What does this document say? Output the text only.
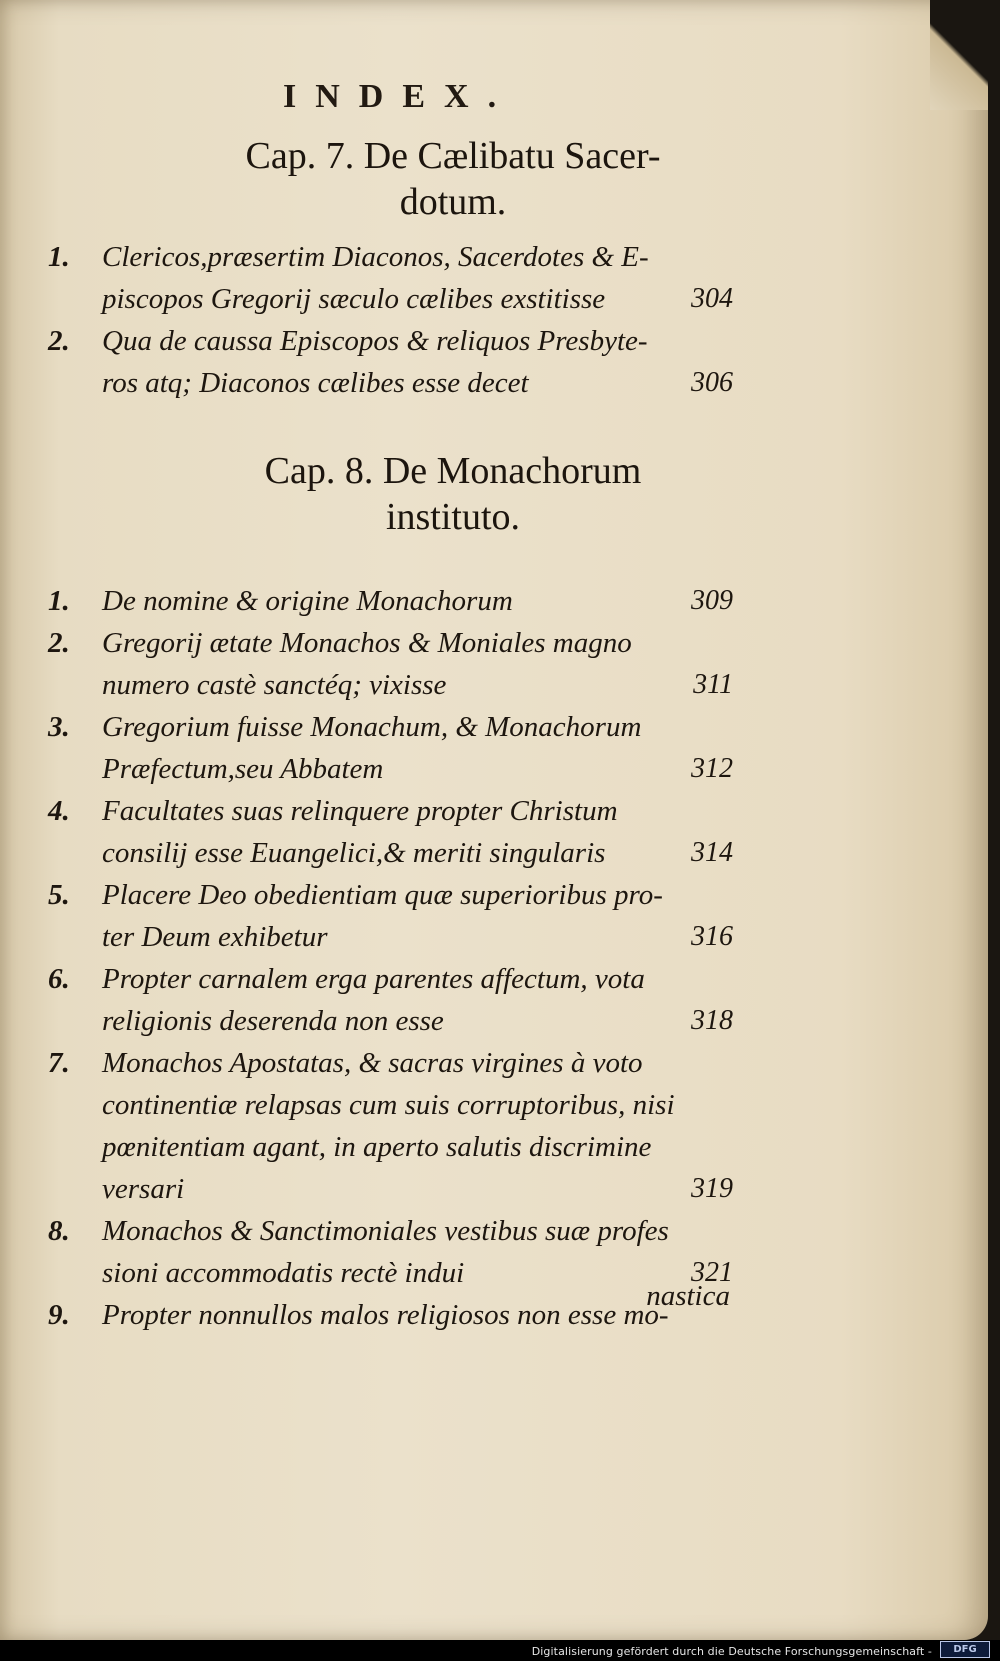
INDEX.
Cap. 7. De Cælibatu Sacer-
dotum.
1.	Clericos,præsertim Diaconos, Sacerdotes & E-
piscopos Gregorij sæculo cælibes exstitisse	304
2.	Qua de caussa Episcopos & reliquos Presbyte-
ros atq; Diaconos cælibes esse decet	306
Cap. 8. De Monachorum
instituto.
1.	De nomine & origine Monachorum	309
2.	Gregorij ætate Monachos & Moniales magno
numero castè sanctéq; vixisse	311
3.	Gregorium fuisse Monachum, & Monachorum
Præfectum,seu Abbatem	312
4.	Facultates suas relinquere propter Christum
consilij esse Euangelici,& meriti singularis	314
5.	Placere Deo obedientiam quæ superioribus pro-
ter Deum exhibetur	316
6.	Propter carnalem erga parentes affectum, vota
religionis deserenda non esse	318
7.	Monachos Apostatas, & sacras virgines à voto
continentiæ relapsas cum suis corruptoribus, nisi
pœnitentiam agant, in aperto salutis discrimine
versari	319
8.	Monachos & Sanctimoniales vestibus suæ profes
sioni accommodatis rectè indui	321
9.	Propter nonnullos malos religiosos non esse mo-
nastica
Digitalisierung gefördert durch die Deutsche Forschungsgemeinschaft -	DFG
